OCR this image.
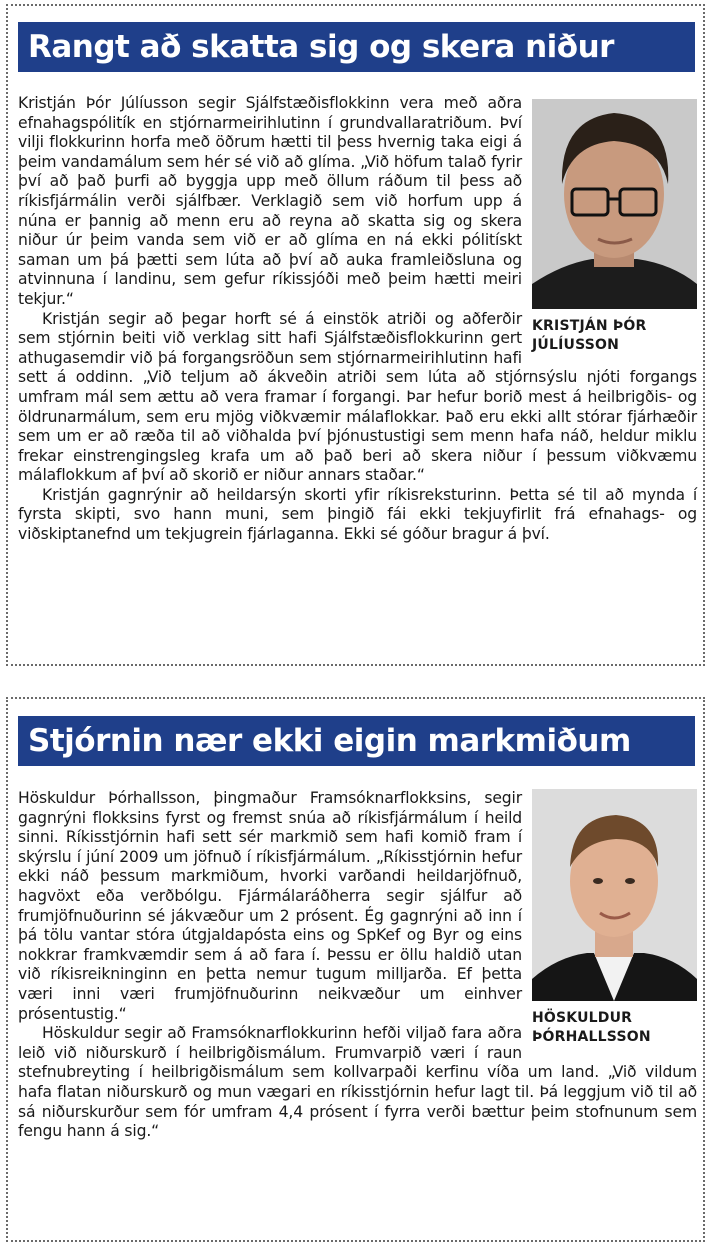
Rangt að skatta sig og skera niður
KRISTJÁN ÞÓR
JÚLÍUSSON

Kristján Þór Júlíusson segir Sjálfstæðisflokkinn vera með aðra efnahagspólitík en stjórnarmeirihlutinn í grundvallaratriðum. Því vilji flokkurinn horfa með öðrum hætti til þess hvernig taka eigi á þeim vandamálum sem hér sé við að glíma. „Við höfum talað fyrir því að það þurfi að byggja upp með öllum ráðum til þess að ríkisfjármálin verði sjálfbær. Verklagið sem við horfum upp á núna er þannig að menn eru að reyna að skatta sig og skera niður úr þeim vanda sem við er að glíma en ná ekki pólitískt saman um þá þætti sem lúta að því að auka framleiðsluna og atvinnuna í landinu, sem gefur ríkissjóði með þeim hætti meiri tekjur.“

Kristján segir að þegar horft sé á einstök atriði og aðferðir sem stjórnin beiti við verklag sitt hafi Sjálfstæðisflokkurinn gert athugasemdir við þá forgangsröðun sem stjórnarmeirihlutinn hafi sett á oddinn. „Við teljum að ákveðin atriði sem lúta að stjórnsýslu njóti forgangs umfram mál sem ættu að vera framar í forgangi. Þar hefur borið mest á heilbrigðis- og öldrunarmálum, sem eru mjög viðkvæmir málaflokkar. Það eru ekki allt stórar fjárhæðir sem um er að ræða til að viðhalda því þjónustustigi sem menn hafa náð, heldur miklu frekar einstrengingsleg krafa um að það beri að skera niður í þessum viðkvæmu málaflokkum af því að skorið er niður annars staðar.“

Kristján gagnrýnir að heildarsýn skorti yfir ríkisreksturinn. Þetta sé til að mynda í fyrsta skipti, svo hann muni, sem þingið fái ekki tekjuyfirlit frá efnahags- og viðskiptanefnd um tekjugrein fjárlaganna. Ekki sé góður bragur á því.

Stjórnin nær ekki eigin markmiðum
HÖSKULDUR
ÞÓRHALLSSON

Höskuldur Þórhallsson, þingmaður Framsóknarflokksins, segir gagnrýni flokksins fyrst og fremst snúa að ríkisfjármálum í heild sinni. Ríkisstjórnin hafi sett sér markmið sem hafi komið fram í skýrslu í júní 2009 um jöfnuð í ríkisfjármálum. „Ríkisstjórnin hefur ekki náð þessum markmiðum, hvorki varðandi heildarjöfnuð, hagvöxt eða verðbólgu. Fjármálaráðherra segir sjálfur að frumjöfnuðurinn sé jákvæður um 2 prósent. Ég gagnrýni að inn í þá tölu vantar stóra útgjaldapósta eins og SpKef og Byr og eins nokkrar framkvæmdir sem á að fara í. Þessu er öllu haldið utan við ríkisreikninginn en þetta nemur tugum milljarða. Ef þetta væri inni væri frumjöfnuðurinn neikvæður um einhver prósentustig.“

Höskuldur segir að Framsóknarflokkurinn hefði viljað fara aðra leið við niðurskurð í heilbrigðismálum. Frumvarpið væri í raun stefnubreyting í heilbrigðismálum sem kollvarpaði kerfinu víða um land. „Við vildum hafa flatan niðurskurð og mun vægari en ríkisstjórnin hefur lagt til. Þá leggjum við til að sá niðurskurður sem fór umfram 4,4 prósent í fyrra verði bættur þeim stofnunum sem fengu hann á sig.“
